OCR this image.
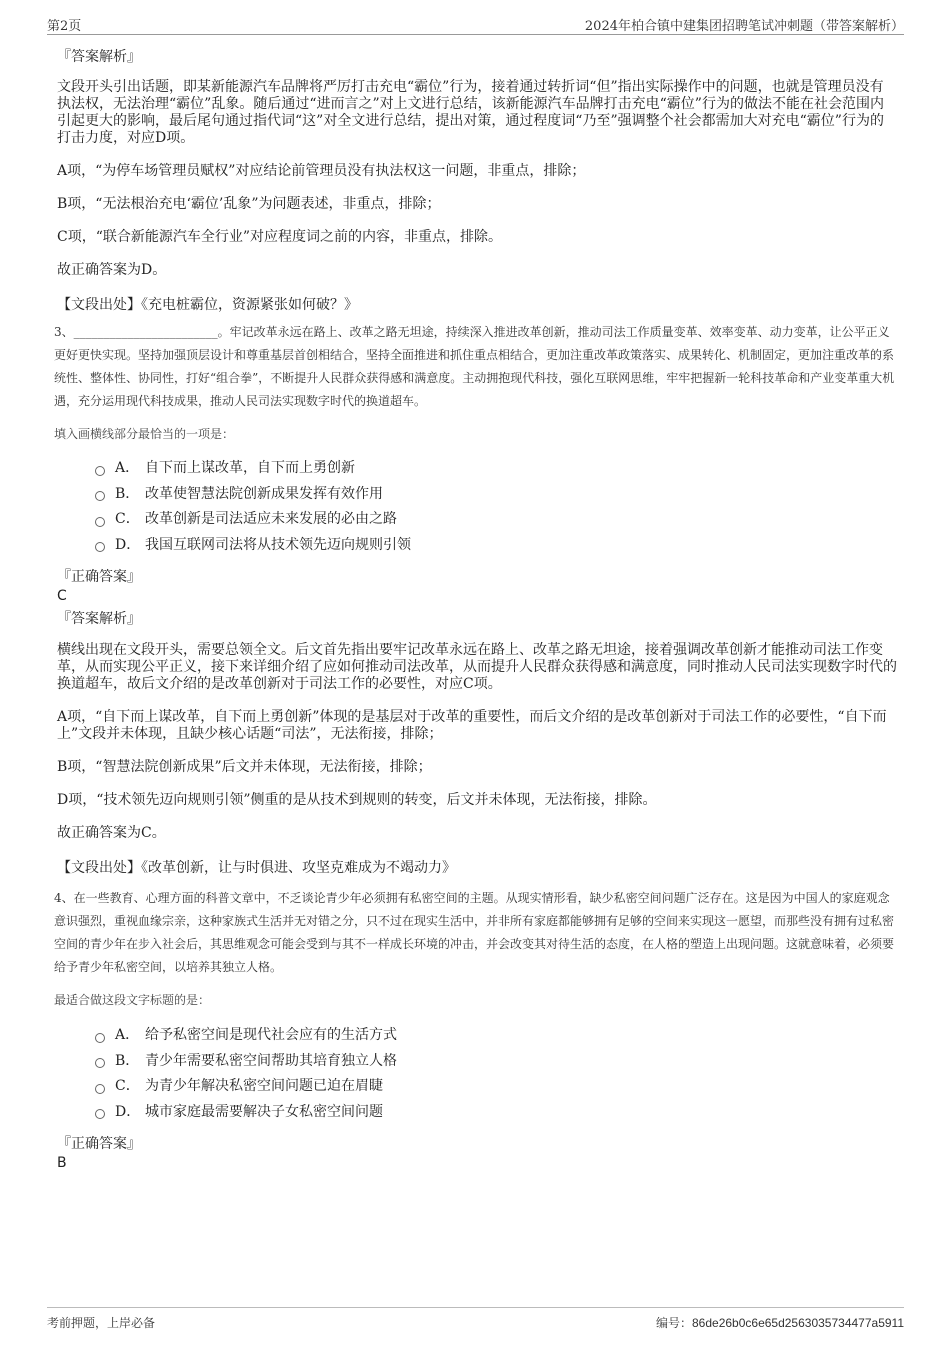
第2页	2024年柏合镇中建集团招聘笔试冲刺题（带答案解析）

『答案解析』

文段开头引出话题，即某新能源汽车品牌将严厉打击充电“霸位”行为，接着通过转折词“但”指出实际操作中的问题，也就是管理员没有执法权，无法治理“霸位”乱象。随后通过“进而言之”对上文进行总结，该新能源汽车品牌打击充电“霸位”行为的做法不能在社会范围内引起更大的影响，最后尾句通过指代词“这”对全文进行总结，提出对策，通过程度词“乃至”强调整个社会都需加大对充电“霸位”行为的打击力度，对应D项。

A项，“为停车场管理员赋权”对应结论前管理员没有执法权这一问题，非重点，排除；

B项，“无法根治充电‘霸位’乱象”为问题表述，非重点，排除；

C项，“联合新能源汽车全行业”对应程度词之前的内容，非重点，排除。

故正确答案为D。

【文段出处】《充电桩霸位，资源紧张如何破？》

3、________________________。牢记改革永远在路上、改革之路无坦途，持续深入推进改革创新，推动司法工作质量变革、效率变革、动力变革，让公平正义更好更快实现。坚持加强顶层设计和尊重基层首创相结合，坚持全面推进和抓住重点相结合，更加注重改革政策落实、成果转化、机制固定，更加注重改革的系统性、整体性、协同性，打好“组合拳”，不断提升人民群众获得感和满意度。主动拥抱现代科技，强化互联网思维，牢牢把握新一轮科技革命和产业变革重大机遇，充分运用现代科技成果，推动人民司法实现数字时代的换道超车。

填入画横线部分最恰当的一项是：

A． 自下而上谋改革，自下而上勇创新
B． 改革使智慧法院创新成果发挥有效作用
C． 改革创新是司法适应未来发展的必由之路
D． 我国互联网司法将从技术领先迈向规则引领

『正确答案』

C

『答案解析』

横线出现在文段开头，需要总领全文。后文首先指出要牢记改革永远在路上、改革之路无坦途，接着强调改革创新才能推动司法工作变革，从而实现公平正义，接下来详细介绍了应如何推动司法改革，从而提升人民群众获得感和满意度，同时推动人民司法实现数字时代的换道超车，故后文介绍的是改革创新对于司法工作的必要性，对应C项。

A项，“自下而上谋改革，自下而上勇创新”体现的是基层对于改革的重要性，而后文介绍的是改革创新对于司法工作的必要性，“自下而上”文段并未体现，且缺少核心话题“司法”，无法衔接，排除；

B项，“智慧法院创新成果”后文并未体现，无法衔接，排除；

D项，“技术领先迈向规则引领”侧重的是从技术到规则的转变，后文并未体现，无法衔接，排除。

故正确答案为C。

【文段出处】《改革创新，让与时俱进、攻坚克难成为不竭动力》

4、在一些教育、心理方面的科普文章中，不乏谈论青少年必须拥有私密空间的主题。从现实情形看，缺少私密空间问题广泛存在。这是因为中国人的家庭观念意识强烈，重视血缘宗亲，这种家族式生活并无对错之分，只不过在现实生活中，并非所有家庭都能够拥有足够的空间来实现这一愿望，而那些没有拥有过私密空间的青少年在步入社会后，其思维观念可能会受到与其不一样成长环境的冲击，并会改变其对待生活的态度，在人格的塑造上出现问题。这就意味着，必须要给予青少年私密空间，以培养其独立人格。

最适合做这段文字标题的是：

A． 给予私密空间是现代社会应有的生活方式
B． 青少年需要私密空间帮助其培育独立人格
C． 为青少年解决私密空间问题已迫在眉睫
D． 城市家庭最需要解决子女私密空间问题

『正确答案』

B

考前押题，上岸必备	编号：86de26b0c6e65d2563035734477a5911
